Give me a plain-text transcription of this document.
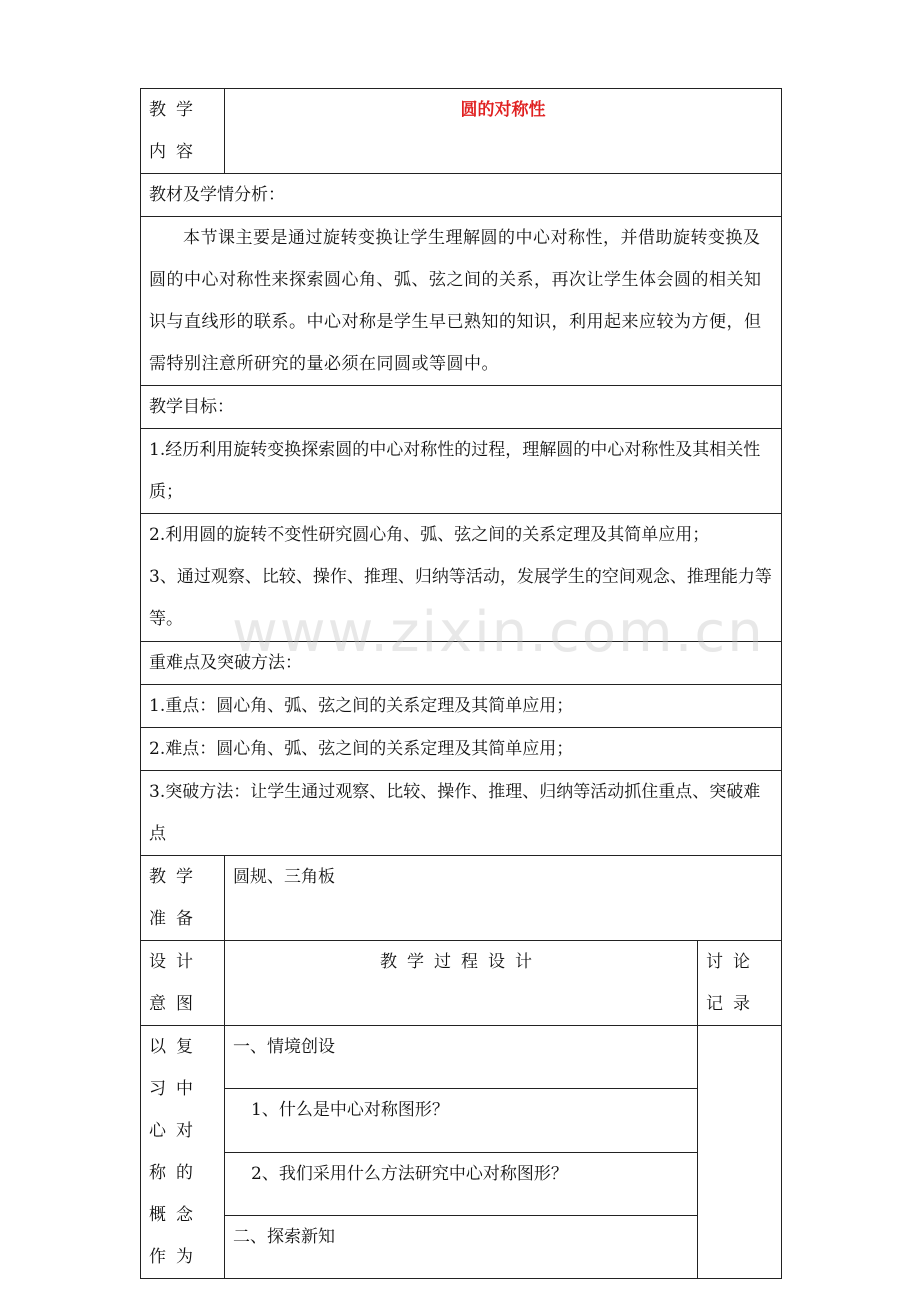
教学内容	圆的对称性	
教材及学情分析：		
本节课主要是通过旋转变换让学生理解圆的中心对称性，并借助旋转变换及圆的中心对称性来探索圆心角、弧、弦之间的关系，再次让学生体会圆的相关知识与直线形的联系。中心对称是学生早已熟知的知识，利用起来应较为方便，但需特别注意所研究的量必须在同圆或等圆中。		
教学目标：		
1.经历利用旋转变换探索圆的中心对称性的过程，理解圆的中心对称性及其相关性质；		

2.利用圆的旋转不变性研究圆心角、弧、弦之间的关系定理及其简单应用；
3、通过观察、比较、操作、推理、归纳等活动，发展学生的空间观念、推理能力等等。		

重难点及突破方法：		
1.重点：圆心角、弧、弦之间的关系定理及其简单应用；		
2.难点：圆心角、弧、弦之间的关系定理及其简单应用；		
3.突破方法：让学生通过观察、比较、操作、推理、归纳等活动抓住重点、突破难点		
教学准备	圆规、三角板	
设计意图	教学过程设计	讨论记录
以复习中心对称的概念作为	一、情境创设	
	1、什么是中心对称图形？	
	2、我们采用什么方法研究中心对称图形？	
	二、探索新知	
www.zixin.com.cn
